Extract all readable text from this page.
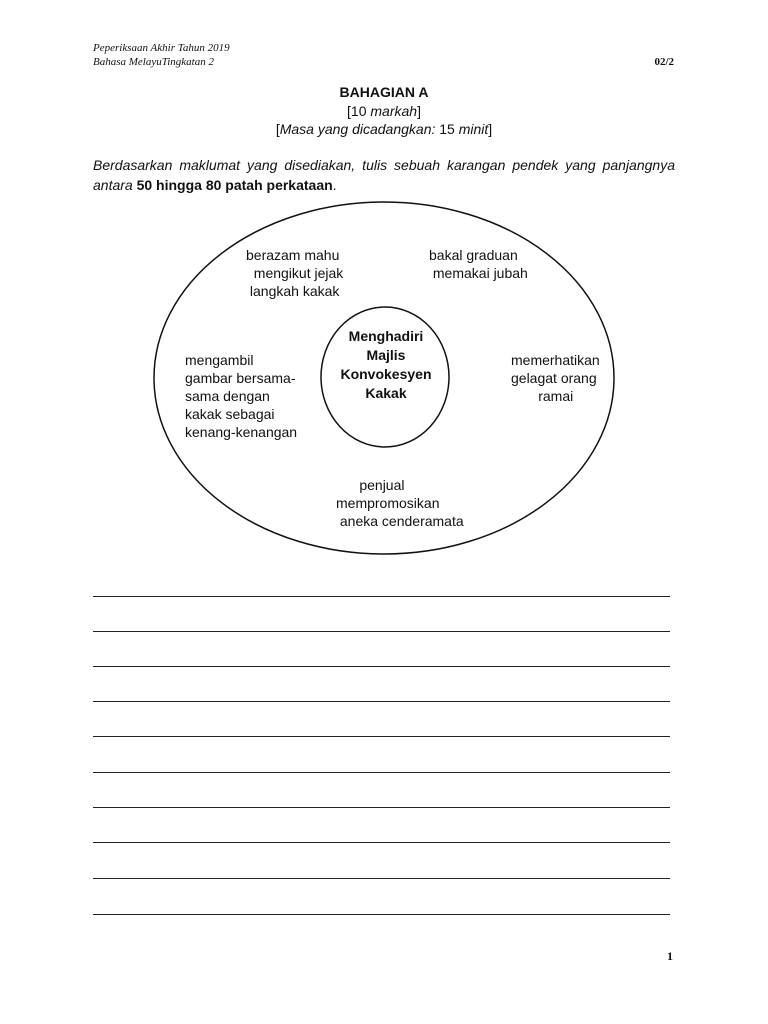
Peperiksaan Akhir Tahun 2019
Bahasa MelayuTingkatan 2	02/2
BAHAGIAN A
[10 markah]
[Masa yang dicadangkan: 15 minit]
Berdasarkan maklumat yang disediakan, tulis sebuah karangan pendek yang panjangnya antara 50 hingga 80 patah perkataan.
Menghadiri
Majlis
Konvokesyen
Kakak
berazam mahu
mengikut jejak
langkah kakak
bakal graduan
memakai jubah
mengambil
gambar bersama-
sama dengan
kakak sebagai
kenang-kenangan
memerhatikan
gelagat orang
ramai
penjual
mempromosikan
aneka cenderamata
1
